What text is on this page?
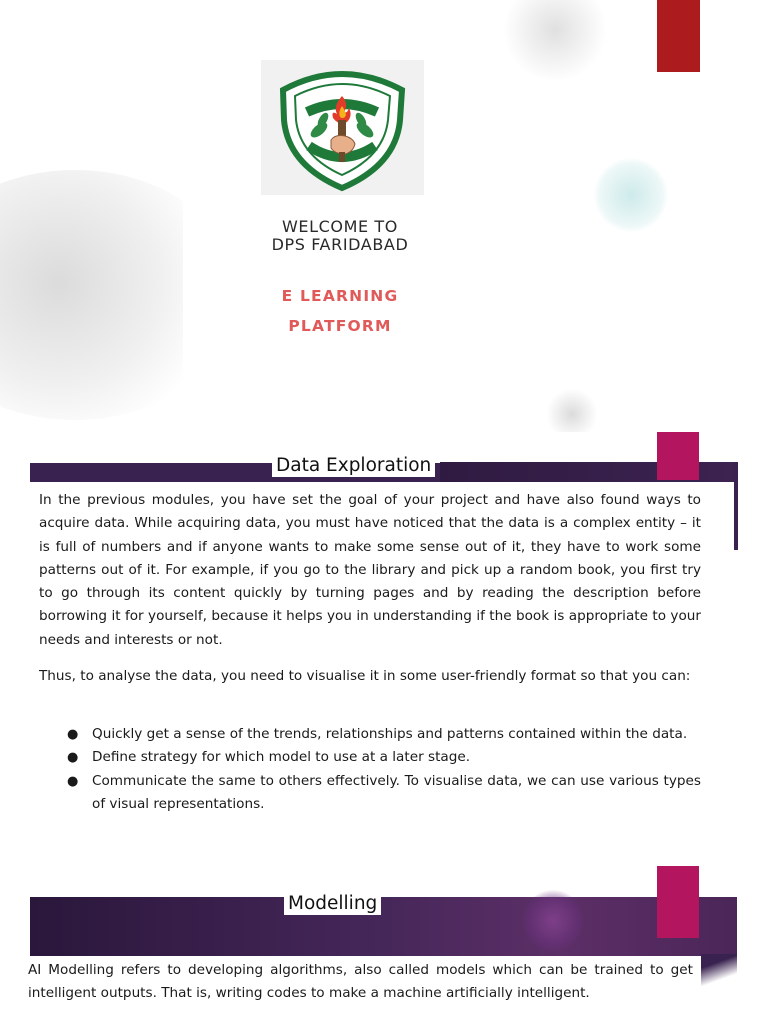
WELCOME TO
DPS FARIDABAD
E LEARNING
PLATFORM
Data Exploration

In the previous modules, you have set the goal of your project and have also found ways to acquire data. While acquiring data, you must have noticed that the data is a complex entity – it is full of numbers and if anyone wants to make some sense out of it, they have to work some patterns out of it. For example, if you go to the library and pick up a random book, you first try to go through its content quickly by turning pages and by reading the description before borrowing it for yourself, because it helps you in understanding if the book is appropriate to your needs and interests or not.

Thus, to analyse the data, you need to visualise it in some user-friendly format so that you can:

● Quickly get a sense of the trends, relationships and patterns contained within the data.
● Define strategy for which model to use at a later stage.
● Communicate the same to others effectively. To visualise data, we can use various types of visual representations.
Modelling

AI Modelling refers to developing algorithms, also called models which can be trained to get intelligent outputs. That is, writing codes to make a machine artificially intelligent.
